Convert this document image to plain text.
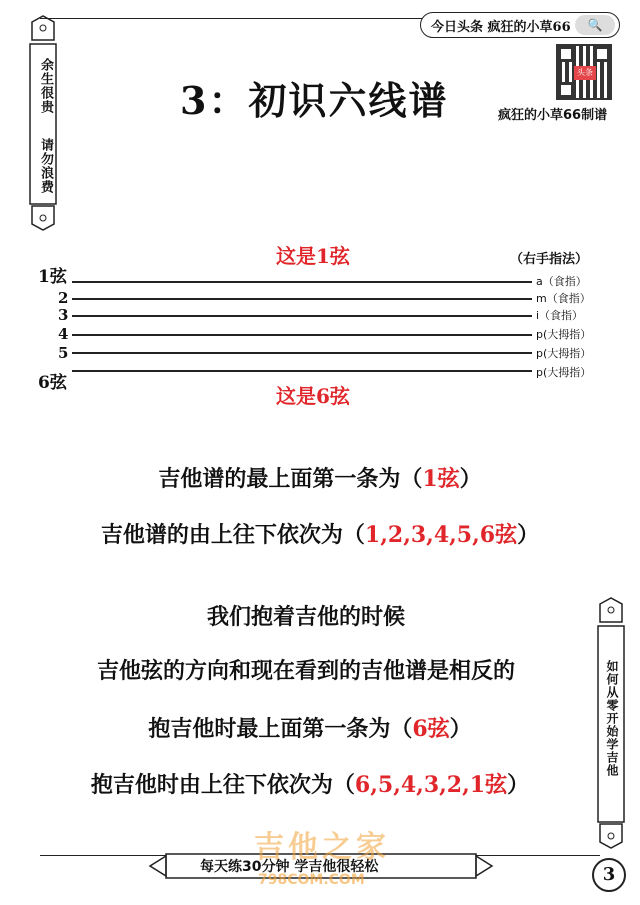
今日头条 疯狂的小草66	🔍
头条
3：初识六线谱	疯狂的小草66制谱
余生很贵
请勿浪费
这是1弦	（右手指法）
1弦
2
3
4
5
6弦
a（食指）
m（食指）
i（食指）
p(大拇指）
p(大拇指）
p(大拇指）
这是6弦
吉他谱的最上面第一条为（1弦）
吉他谱的由上往下依次为（1,2,3,4,5,6弦）
我们抱着吉他的时候
吉他弦的方向和现在看到的吉他谱是相反的
抱吉他时最上面第一条为（6弦）
抱吉他时由上往下依次为（6,5,4,3,2,1弦）
如何从零开始学吉他
每天练30分钟 学吉他很轻松
吉他之家
798COM.COM	3
